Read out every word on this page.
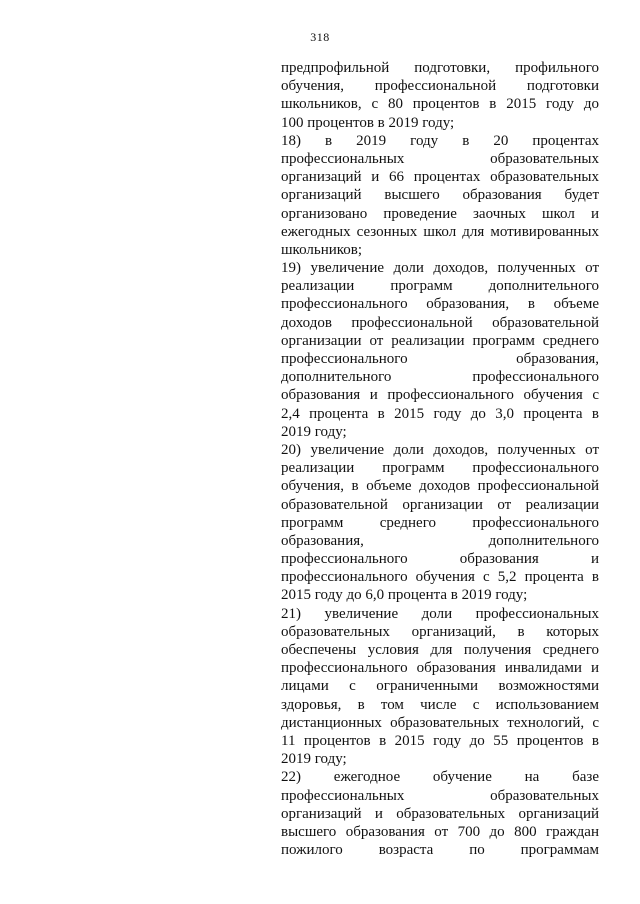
318
предпрофильной подготовки, профильного
обучения, профессиональной подготовки
школьников, с 80 процентов в 2015 году до
100 процентов в 2019 году;
18) в 2019 году в 20 процентах
профессиональных образовательных
организаций и 66 процентах образовательных
организаций высшего образования будет
организовано проведение заочных школ и
ежегодных сезонных школ для мотивированных
школьников;
19) увеличение доли доходов, полученных от
реализации программ дополнительного
профессионального образования, в объеме
доходов профессиональной образовательной
организации от реализации программ среднего
профессионального образования,
дополнительного профессионального
образования и профессионального обучения с
2,4 процента в 2015 году до 3,0 процента в
2019 году;
20) увеличение доли доходов, полученных от
реализации программ профессионального
обучения, в объеме доходов профессиональной
образовательной организации от реализации
программ среднего профессионального
образования, дополнительного
профессионального образования и
профессионального обучения с 5,2 процента в
2015 году до 6,0 процента в 2019 году;
21) увеличение доли профессиональных
образовательных организаций, в которых
обеспечены условия для получения среднего
профессионального образования инвалидами и
лицами с ограниченными возможностями
здоровья, в том числе с использованием
дистанционных образовательных технологий, с
11 процентов в 2015 году до 55 процентов в
2019 году;
22) ежегодное обучение на базе
профессиональных образовательных
организаций и образовательных организаций
высшего образования от 700 до 800 граждан
пожилого возраста по программам
